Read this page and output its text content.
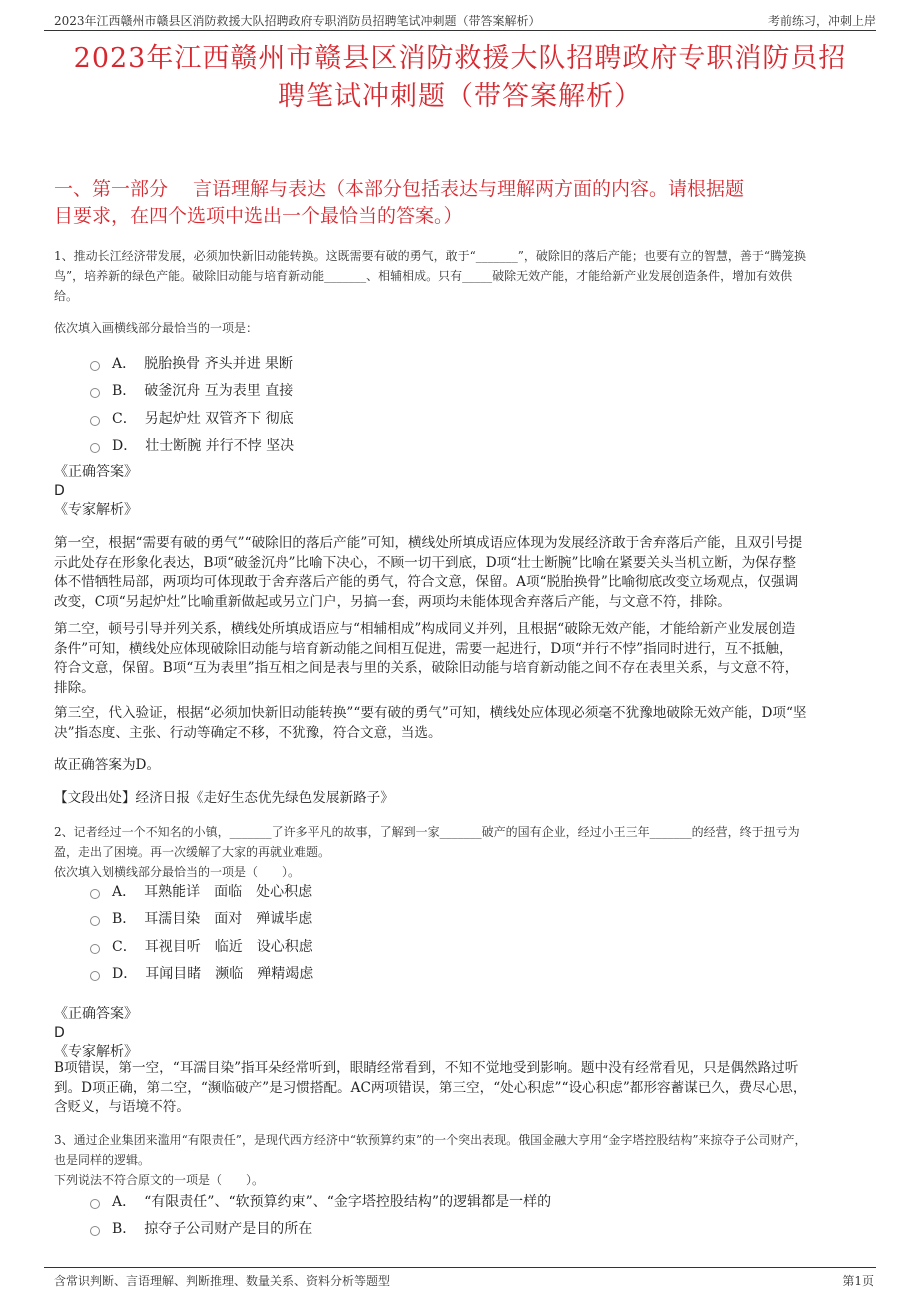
2023年江西赣州市赣县区消防救援大队招聘政府专职消防员招聘笔试冲刺题（带答案解析）	考前练习，冲刺上岸
2023年江西赣州市赣县区消防救援大队招聘政府专职消防员招
聘笔试冲刺题（带答案解析）
一、第一部分　 言语理解与表达（本部分包括表达与理解两方面的内容。请根据题
目要求，在四个选项中选出一个最恰当的答案。）
1、推动长江经济带发展，必须加快新旧动能转换。这既需要有破的勇气，敢于“_______”，破除旧的落后产能；也要有立的智慧，善于“腾笼换
鸟”，培养新的绿色产能。破除旧动能与培育新动能_______、相辅相成。只有_____破除无效产能，才能给新产业发展创造条件，增加有效供
给。
依次填入画横线部分最恰当的一项是：
A． 脱胎换骨 齐头并进 果断
B． 破釜沉舟 互为表里 直接
C． 另起炉灶 双管齐下 彻底
D． 壮士断腕 并行不悖 坚决
《正确答案》
D
《专家解析》
第一空，根据“需要有破的勇气”“破除旧的落后产能”可知，横线处所填成语应体现为发展经济敢于舍弃落后产能，且双引号提
示此处存在形象化表达，B项“破釜沉舟”比喻下决心，不顾一切干到底，D项“壮士断腕”比喻在紧要关头当机立断，为保存整
体不惜牺牲局部，两项均可体现敢于舍弃落后产能的勇气，符合文意，保留。A项“脱胎换骨”比喻彻底改变立场观点，仅强调
改变，C项“另起炉灶”比喻重新做起或另立门户，另搞一套，两项均未能体现舍弃落后产能，与文意不符，排除。
第二空，顿号引导并列关系，横线处所填成语应与“相辅相成”构成同义并列，且根据“破除无效产能，才能给新产业发展创造
条件”可知，横线处应体现破除旧动能与培育新动能之间相互促进，需要一起进行，D项“并行不悖”指同时进行，互不抵触，
符合文意，保留。B项“互为表里”指互相之间是表与里的关系，破除旧动能与培育新动能之间不存在表里关系，与文意不符，
排除。
第三空，代入验证，根据“必须加快新旧动能转换”“要有破的勇气”可知，横线处应体现必须毫不犹豫地破除无效产能，D项“坚
决”指态度、主张、行动等确定不移，不犹豫，符合文意，当选。
故正确答案为D。
【文段出处】经济日报《走好生态优先绿色发展新路子》
2、记者经过一个不知名的小镇，_______了许多平凡的故事，了解到一家_______破产的国有企业，经过小王三年_______的经营，终于扭亏为
盈，走出了困境。再一次缓解了大家的再就业难题。
依次填入划横线部分最恰当的一项是（　　）。
A． 耳熟能详　面临　处心积虑
B． 耳濡目染　面对　殚诚毕虑
C． 耳视目听　临近　设心积虑
D． 耳闻目睹　濒临　殚精竭虑
《正确答案》
D
《专家解析》
B项错误，第一空，“耳濡目染”指耳朵经常听到，眼睛经常看到，不知不觉地受到影响。题中没有经常看见，只是偶然路过听
到。D项正确，第二空，“濒临破产”是习惯搭配。AC两项错误，第三空，“处心积虑”“设心积虑”都形容蓄谋已久，费尽心思，
含贬义，与语境不符。
3、通过企业集团来滥用“有限责任”，是现代西方经济中“软预算约束”的一个突出表现。俄国金融大亨用“金字塔控股结构”来掠夺子公司财产，
也是同样的逻辑。
下列说法不符合原文的一项是（　　）。
A． “有限责任”、“软预算约束”、“金字塔控股结构”的逻辑都是一样的
B． 掠夺子公司财产是目的所在
含常识判断、言语理解、判断推理、数量关系、资料分析等题型	第1页
